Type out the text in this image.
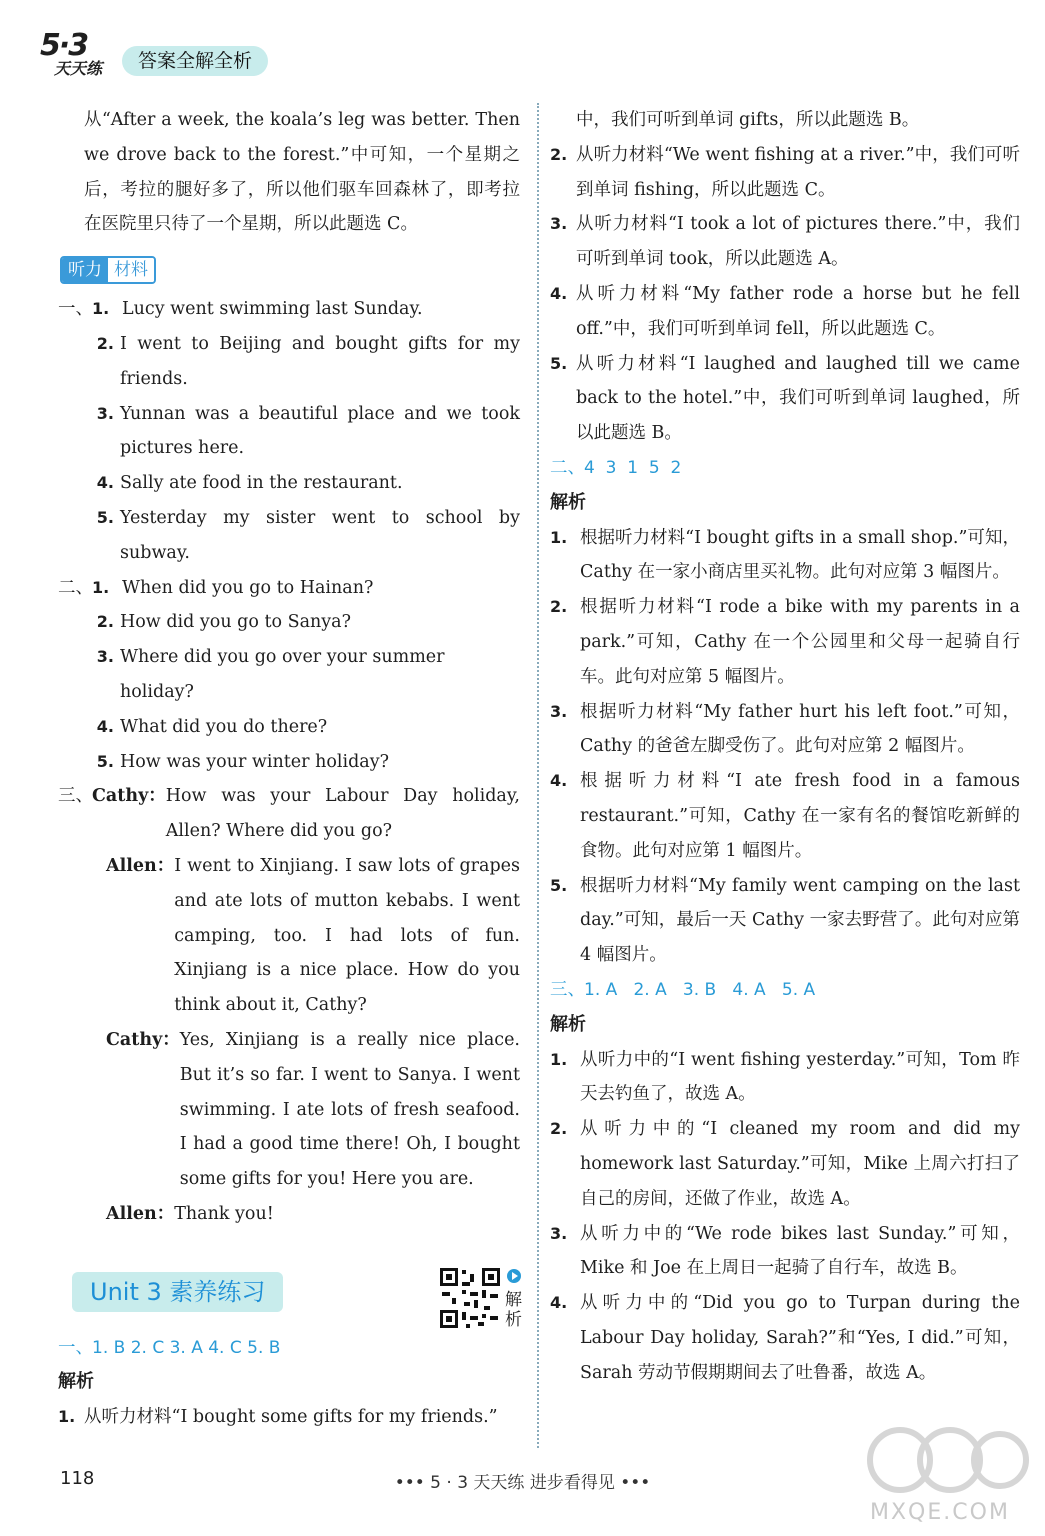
5·3
天天练	答案全解全析

从“After a week, the koala’s leg was better. Then we drove back to the forest.”中可知，一个星期之后，考拉的腿好多了，所以他们驱车回森林了，即考拉在医院里只待了一个星期，所以此题选 C。

听力 材料
一、 1. Lucy went swimming last Sunday.
2. I went to Beijing and bought gifts for my friends.
3. Yunnan was a beautiful place and we took pictures here.
4. Sally ate food in the restaurant.
5. Yesterday my sister went to school by subway.
二、 1. When did you go to Hainan?
2. How did you go to Sanya?
3. Where did you go over your summer holiday?
4. What did you do there?
5. How was your winter holiday?
三、 Cathy： How was your Labour Day holiday, Allen? Where did you go?
Allen： I went to Xinjiang. I saw lots of grapes and ate lots of mutton kebabs. I went camping, too. I had lots of fun. Xinjiang is a nice place. How do you think about it, Cathy?
Cathy： Yes, Xinjiang is a really nice place. But it’s so far. I went to Sanya. I went swimming. I ate lots of fresh seafood. I had a good time there! Oh, I bought some gifts for you! Here you are.
Allen： Thank you!
Unit 3 素养练习
一、 1. B 2. C 3. A 4. C 5. B
解析
1. 从听力材料“I bought some gifts for my friends.”
解析

中，我们可听到单词 gifts，所以此题选 B。

2. 从听力材料“We went fishing at a river.”中，我们可听到单词 fishing，所以此题选 C。
3. 从听力材料“I took a lot of pictures there.”中，我们可听到单词 took，所以此题选 A。
4. 从听力材料“My father rode a horse but he fell off.”中，我们可听到单词 fell，所以此题选 C。
5. 从听力材料“I laughed and laughed till we came back to the hotel.”中，我们可听到单词 laughed，所以此题选 B。
二、 4  3  1  5  2
解析
1. 根据听力材料“I bought gifts in a small shop.”可知，Cathy 在一家小商店里买礼物。此句对应第 3 幅图片。
2. 根据听力材料“I rode a bike with my parents in a park.”可知，Cathy 在一个公园里和父母一起骑自行车。此句对应第 5 幅图片。
3. 根据听力材料“My father hurt his left foot.”可知，Cathy 的爸爸左脚受伤了。此句对应第 2 幅图片。
4. 根据听力材料“I ate fresh food in a famous restaurant.”可知，Cathy 在一家有名的餐馆吃新鲜的食物。此句对应第 1 幅图片。
5. 根据听力材料“My family went camping on the last day.”可知，最后一天 Cathy 一家去野营了。此句对应第 4 幅图片。
三、 1. A   2. A   3. B   4. A   5. A
解析
1. 从听力中的“I went fishing yesterday.”可知，Tom 昨天去钓鱼了，故选 A。
2. 从听力中的“I cleaned my room and did my homework last Saturday.”可知，Mike 上周六打扫了自己的房间，还做了作业，故选 A。
3. 从听力中的“We rode bikes last Sunday.”可知，Mike 和 Joe 在上周日一起骑了自行车，故选 B。
4. 从听力中的“Did you go to Turpan during the Labour Day holiday, Sarah?”和“Yes, I did.”可知，Sarah 劳动节假期期间去了吐鲁番，故选 A。
118	••• 5 · 3 天天练 进步看得见 •••
MXQE.COM
